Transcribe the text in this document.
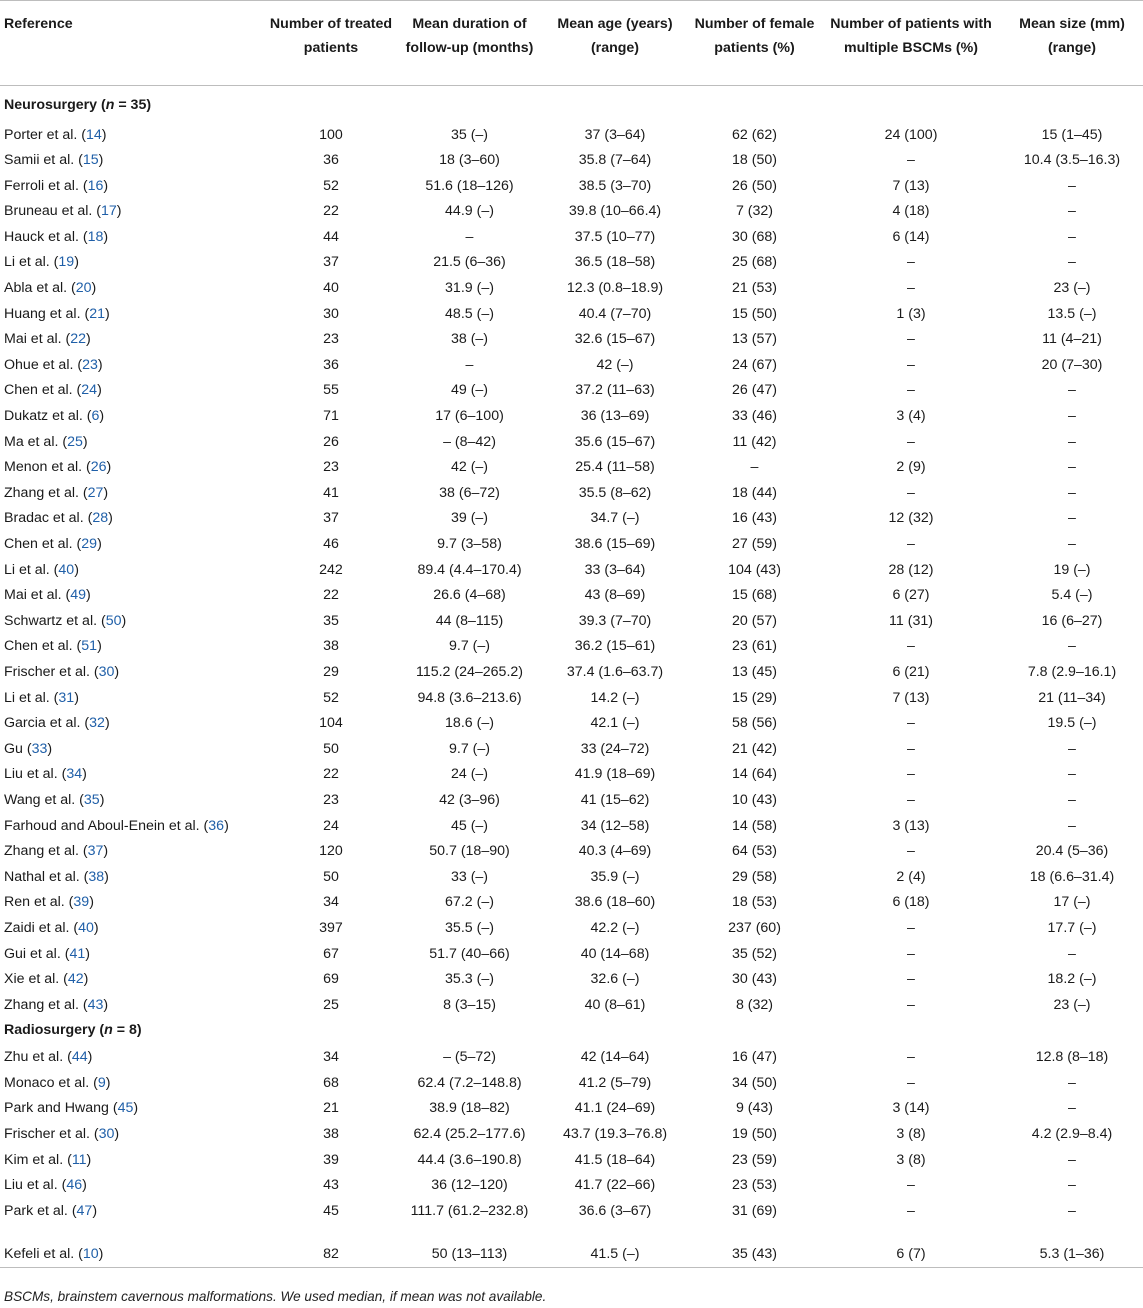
Reference	Number of treated patients	Mean duration of follow-up (months)	Mean age (years) (range)	Number of female patients (%)	Number of patients with multiple BSCMs (%)	Mean size (mm) (range)
Neurosurgery (n = 35)						
Porter et al. (14)	100	35 (–)	37 (3–64)	62 (62)	24 (100)	15 (1–45)
Samii et al. (15)	36	18 (3–60)	35.8 (7–64)	18 (50)	–	10.4 (3.5–16.3)
Ferroli et al. (16)	52	51.6 (18–126)	38.5 (3–70)	26 (50)	7 (13)	–
Bruneau et al. (17)	22	44.9 (–)	39.8 (10–66.4)	7 (32)	4 (18)	–
Hauck et al. (18)	44	–	37.5 (10–77)	30 (68)	6 (14)	–
Li et al. (19)	37	21.5 (6–36)	36.5 (18–58)	25 (68)	–	–
Abla et al. (20)	40	31.9 (–)	12.3 (0.8–18.9)	21 (53)	–	23 (–)
Huang et al. (21)	30	48.5 (–)	40.4 (7–70)	15 (50)	1 (3)	13.5 (–)
Mai et al. (22)	23	38 (–)	32.6 (15–67)	13 (57)	–	11 (4–21)
Ohue et al. (23)	36	–	42 (–)	24 (67)	–	20 (7–30)
Chen et al. (24)	55	49 (–)	37.2 (11–63)	26 (47)	–	–
Dukatz et al. (6)	71	17 (6–100)	36 (13–69)	33 (46)	3 (4)	–
Ma et al. (25)	26	– (8–42)	35.6 (15–67)	11 (42)	–	–
Menon et al. (26)	23	42 (–)	25.4 (11–58)	–	2 (9)	–
Zhang et al. (27)	41	38 (6–72)	35.5 (8–62)	18 (44)	–	–
Bradac et al. (28)	37	39 (–)	34.7 (–)	16 (43)	12 (32)	–
Chen et al. (29)	46	9.7 (3–58)	38.6 (15–69)	27 (59)	–	–
Li et al. (40)	242	89.4 (4.4–170.4)	33 (3–64)	104 (43)	28 (12)	19 (–)
Mai et al. (49)	22	26.6 (4–68)	43 (8–69)	15 (68)	6 (27)	5.4 (–)
Schwartz et al. (50)	35	44 (8–115)	39.3 (7–70)	20 (57)	11 (31)	16 (6–27)
Chen et al. (51)	38	9.7 (–)	36.2 (15–61)	23 (61)	–	–
Frischer et al. (30)	29	115.2 (24–265.2)	37.4 (1.6–63.7)	13 (45)	6 (21)	7.8 (2.9–16.1)
Li et al. (31)	52	94.8 (3.6–213.6)	14.2 (–)	15 (29)	7 (13)	21 (11–34)
Garcia et al. (32)	104	18.6 (–)	42.1 (–)	58 (56)	–	19.5 (–)
Gu (33)	50	9.7 (–)	33 (24–72)	21 (42)	–	–
Liu et al. (34)	22	24 (–)	41.9 (18–69)	14 (64)	–	–
Wang et al. (35)	23	42 (3–96)	41 (15–62)	10 (43)	–	–
Farhoud and Aboul-Enein et al. (36)	24	45 (–)	34 (12–58)	14 (58)	3 (13)	–
Zhang et al. (37)	120	50.7 (18–90)	40.3 (4–69)	64 (53)	–	20.4 (5–36)
Nathal et al. (38)	50	33 (–)	35.9 (–)	29 (58)	2 (4)	18 (6.6–31.4)
Ren et al. (39)	34	67.2 (–)	38.6 (18–60)	18 (53)	6 (18)	17 (–)
Zaidi et al. (40)	397	35.5 (–)	42.2 (–)	237 (60)	–	17.7 (–)
Gui et al. (41)	67	51.7 (40–66)	40 (14–68)	35 (52)	–	–
Xie et al. (42)	69	35.3 (–)	32.6 (–)	30 (43)	–	18.2 (–)
Zhang et al. (43)	25	8 (3–15)	40 (8–61)	8 (32)	–	23 (–)
Radiosurgery (n = 8)						
Zhu et al. (44)	34	– (5–72)	42 (14–64)	16 (47)	–	12.8 (8–18)
Monaco et al. (9)	68	62.4 (7.2–148.8)	41.2 (5–79)	34 (50)	–	–
Park and Hwang (45)	21	38.9 (18–82)	41.1 (24–69)	9 (43)	3 (14)	–
Frischer et al. (30)	38	62.4 (25.2–177.6)	43.7 (19.3–76.8)	19 (50)	3 (8)	4.2 (2.9–8.4)
Kim et al. (11)	39	44.4 (3.6–190.8)	41.5 (18–64)	23 (59)	3 (8)	–
Liu et al. (46)	43	36 (12–120)	41.7 (22–66)	23 (53)	–	–
Park et al. (47)	45	111.7 (61.2–232.8)	36.6 (3–67)	31 (69)	–	–
Kefeli et al. (10)	82	50 (13–113)	41.5 (–)	35 (43)	6 (7)	5.3 (1–36)
BSCMs, brainstem cavernous malformations. We used median, if mean was not available.
